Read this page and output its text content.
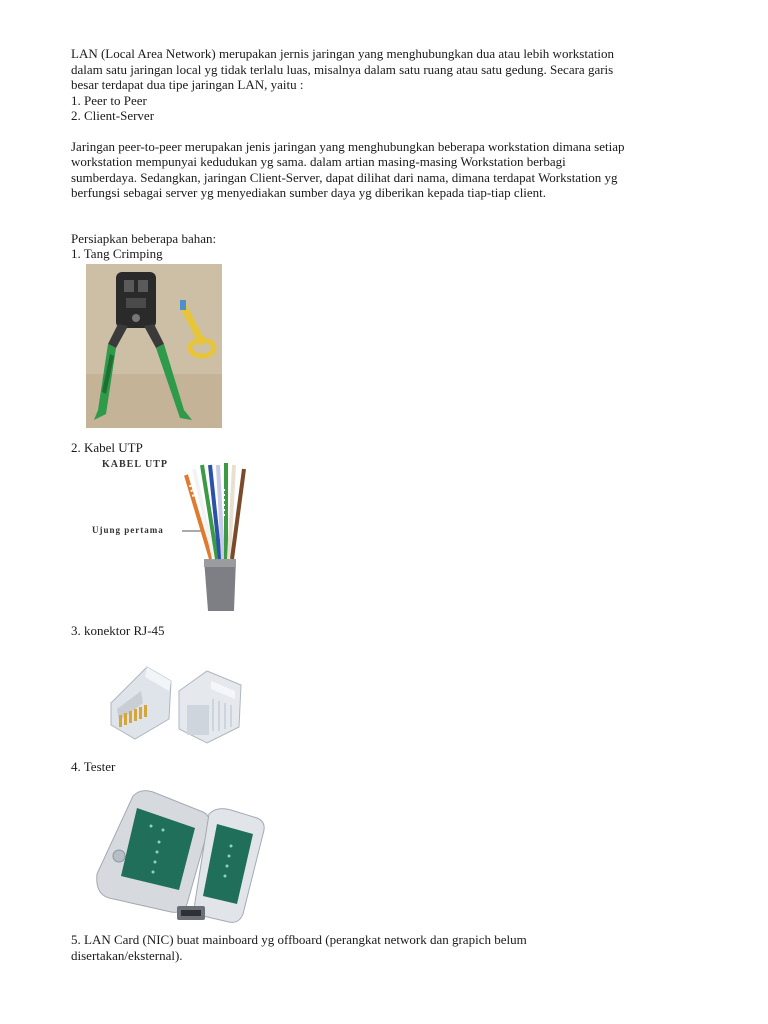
LAN (Local Area Network) merupakan jernis jaringan yang menghubungkan dua atau lebih workstation

dalam satu jaringan local yg tidak terlalu luas, misalnya dalam satu ruang atau satu gedung. Secara garis

besar terdapat dua tipe jaringan LAN, yaitu :

1. Peer to Peer

2. Client-Server

Jaringan peer-to-peer merupakan jenis jaringan yang menghubungkan beberapa workstation dimana setiap

workstation mempunyai kedudukan yg sama. dalam artian masing-masing Workstation berbagi

sumberdaya. Sedangkan, jaringan Client-Server, dapat dilihat dari nama, dimana terdapat Workstation yg

berfungsi sebagai server yg menyediakan sumber daya yg diberikan kepada tiap-tiap client.

Persiapkan beberapa bahan:

1. Tang Crimping

2. Kabel UTP

KABEL UTP
Ujung pertama

3. konektor RJ-45

4. Tester

5. LAN Card (NIC) buat mainboard yg offboard (perangkat network dan grapich belum

disertakan/eksternal).
